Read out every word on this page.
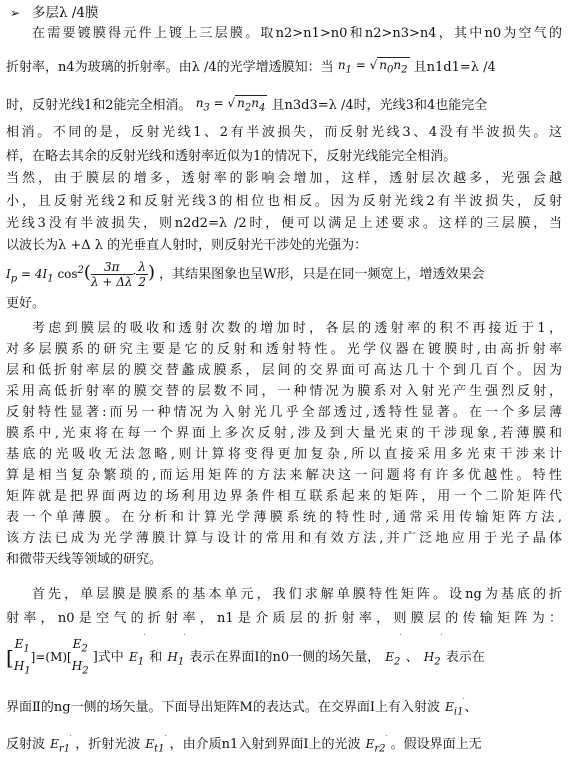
➢ 多层λ /4膜
在需要镀膜得元件上镀上三层膜。取n2>n1>n0和n2>n3>n4，其中n0为空气的
折射率，n4为玻璃的折射率。由λ /4的光学增透膜知：当 $n_1$ = √ $n_0n_2$ 且n1d1=λ /4
时，反射光线1和2能完全相消。 $n_3$ = √ $n_2n_4$ 且n3d3=λ /4时，光线3和4也能完全
相消。不同的是，反射光线1、2有半波损失，而反射光线3、4没有半波损失。这
样，在略去其余的反射光线和透射率近似为1的情况下，反射光线能完全相消。
当然，由于膜层的增多，透射率的影响会增加，这样，透射层次越多，光强会越
小，且反射光线2和反射光线3的相位也相反。因为反射光线2有半波损失，反射
光线3没有半波损失，则n2d2=λ /2时，便可以满足上述要求。这样的三层膜，当
以波长为λ +Δ λ 的光垂直人射时，则反射光干涉处的光强为：
$I_p = 4I_1$ $\cos^2( \frac{3\pi}{\lambda + \Delta\lambda} \cdot \frac{\lambda}{2}$ ) ，其结果图象也呈W形，只是在同一频宽上，增透效果会
更好。
考虑到膜层的吸收和透射次数的增加时，各层的透射率的积不再接近于1，
对多层膜系的研究主要是它的反射和透射特性。光学仪器在镀膜时,由高折射率
层和低折射率层的膜交替蠡成膜系，层间的交界面可高达几十个到几百个。因为
采用高低折射率的膜交替的层数不同，一种情况为膜系对入射光产生强烈反射，
反射特性显著:而另一种情况为入射光几乎全部透过,透特性显著。在一个多层薄
膜系中,光束将在每一个界面上多次反射,涉及到大量光束的干涉现象,若薄膜和
基底的光吸收无法忽略,则计算将变得更加复杂,所以直接采用多光束干涉来计
算是相当复杂繁琐的,而运用矩阵的方法来解决这一问题将有许多优越性。特性
矩阵就是把界面两边的场利用边界条件相互联系起来的矩阵，用一个二阶矩阵代
表一个单薄膜。在分析和计算光学薄膜系统的特性时,通常采用传输矩阵方法,
该方法已成为光学薄膜计算与设计的常用和有效方法,并广泛地应用于光子晶体
和微带天线等领域的研究。
首先，单层膜是膜系的基本单元，我们求解单膜特性矩阵。设ng为基底的折
射率，n0是空气的折射率，n1是介质层的折射率，则膜层的传输矩阵为：
[
$E_1$
$H_1$
]=(M)[
$E_2$
$H_2$
]式中 $E_1$ 和 $H_1$ 表示在界面Ⅰ的n0一侧的场矢量， $E_2$ 、 $H_2$ 表示在
界面Ⅱ的ng一侧的场矢量。下面导出矩阵M的表达式。在交界面Ⅰ上有入射波 $E_{i1}$、
反射波 $E_{r1}$ ，折射光波 $E_{t1}$ ，由介质n1入射到界面Ⅰ上的光波 $E_{r2}$ 。假设界面上无
